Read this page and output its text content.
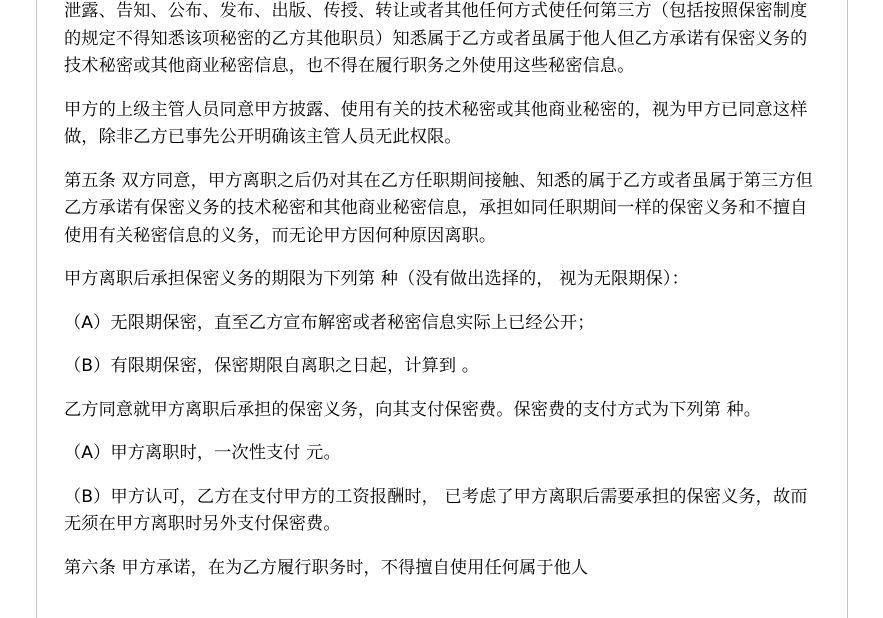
泄露、告知、公布、发布、出版、传授、转让或者其他任何方式使任何第三方（包括按照保密制度的规定不得知悉该项秘密的乙方其他职员）知悉属于乙方或者虽属于他人但乙方承诺有保密义务的技术秘密或其他商业秘密信息，也不得在履行职务之外使用这些秘密信息。

甲方的上级主管人员同意甲方披露、使用有关的技术秘密或其他商业秘密的，视为甲方已同意这样做，除非乙方已事先公开明确该主管人员无此权限。

第五条 双方同意，甲方离职之后仍对其在乙方任职期间接触、知悉的属于乙方或者虽属于第三方但乙方承诺有保密义务的技术秘密和其他商业秘密信息，承担如同任职期间一样的保密义务和不擅自使用有关秘密信息的义务，而无论甲方因何种原因离职。

甲方离职后承担保密义务的期限为下列第 种（没有做出选择的， 视为无限期保）：

（A）无限期保密，直至乙方宣布解密或者秘密信息实际上已经公开；

（B）有限期保密，保密期限自离职之日起，计算到 。

乙方同意就甲方离职后承担的保密义务，向其支付保密费。保密费的支付方式为下列第 种。

（A）甲方离职时，一次性支付 元。

（B）甲方认可，乙方在支付甲方的工资报酬时， 已考虑了甲方离职后需要承担的保密义务，故而无须在甲方离职时另外支付保密费。

第六条 甲方承诺，在为乙方履行职务时，不得擅自使用任何属于他人
